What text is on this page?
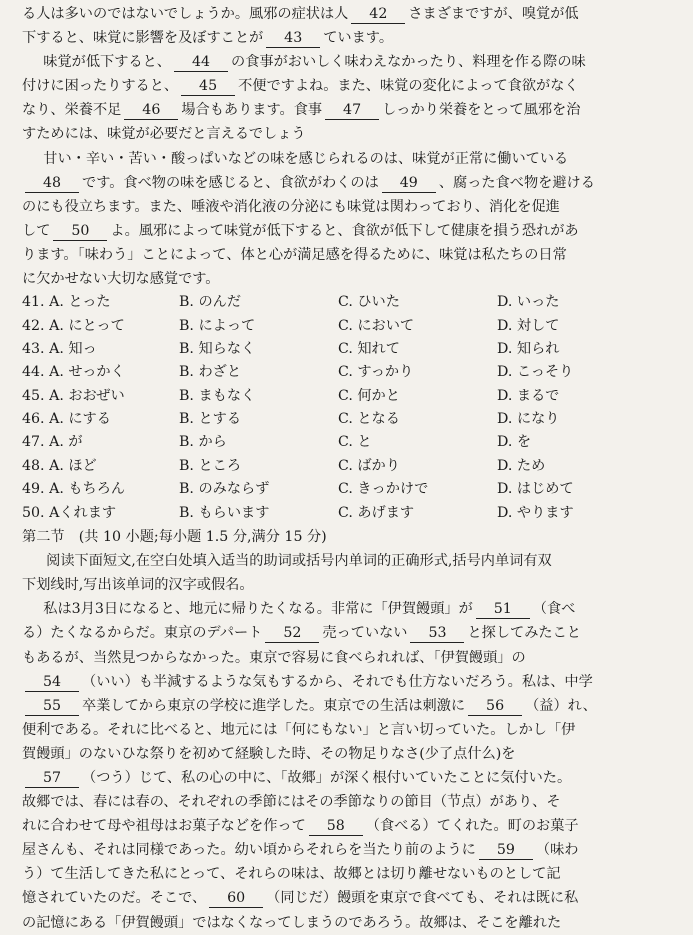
る人は多いのではないでしょうか。風邪の症状は人 42 さまざまですが、嗅覚が低
下すると、味覚に影響を及ぼすことが 43 ています。
味覚が低下すると、 44 の食事がおいしく味わえなかったり、料理を作る際の味
付けに困ったりすると、 45 不便ですよね。また、味覚の変化によって食欲がなく
なり、栄養不足 46 場合もあります。食事 47 しっかり栄養をとって風邪を治
すためには、味覚が必要だと言えるでしょう
甘い・辛い・苦い・酸っぱいなどの味を感じられるのは、味覚が正常に働いている
48 です。食べ物の味を感じると、食欲がわくのは 49 、腐った食べ物を避ける
のにも役立ちます。また、唾液や消化液の分泌にも味覚は関わっており、消化を促進
して 50 よ。風邪によって味覚が低下すると、食欲が低下して健康を損う恐れがあ
ります。「味わう」ことによって、体と心が満足感を得るために、味覚は私たちの日常
に欠かせない大切な感覚です。
41. A. とった	B. のんだ	C. ひいた	D. いった
42. A. にとって	B. によって	C. において	D. 対して
43. A. 知っ	B. 知らなく	C. 知れて	D. 知られ
44. A. せっかく	B. わざと	C. すっかり	D. こっそり
45. A. おおぜい	B. まもなく	C. 何かと	D. まるで
46. A. にする	B. とする	C. となる	D. になり
47. A. が	B. から	C. と	D. を
48. A. ほど	B. ところ	C. ばかり	D. ため
49. A. もちろん	B. のみならず	C. きっかけで	D. はじめて
50. Aくれます	B. もらいます	C. あげます	D. やります
第二节　(共 10 小题;每小题 1.5 分,满分 15 分)
阅读下面短文,在空白处填入适当的助词或括号内单词的正确形式,括号内单词有双
下划线时,写出该单词的汉字或假名。
私は3月3日になると、地元に帰りたくなる。非常に「伊賀饅頭」が 51 （食べ
る）たくなるからだ。東京のデパート 52 売っていない 53 と探してみたこと
もあるが、当然見つからなかった。東京で容易に食べられれば、「伊賀饅頭」の
54 （いい）も半減するような気もするから、それでも仕方ないだろう。私は、中学
55 卒業してから東京の学校に進学した。東京での生活は刺激に 56 （益）れ、
便利である。それに比べると、地元には「何にもない」と言い切っていた。しかし「伊
賀饅頭」のないひな祭りを初めて経験した時、その物足りなさ(少了点什么)を
57 （つう）じて、私の心の中に、「故郷」が深く根付いていたことに気付いた。
故郷では、春には春の、それぞれの季節にはその季節なりの節目（节点）があり、そ
れに合わせて母や祖母はお菓子などを作って 58 （食べる）てくれた。町のお菓子
屋さんも、それは同様であった。幼い頃からそれらを当たり前のように 59 （味わ
う）て生活してきた私にとって、それらの味は、故郷とは切り離せないものとして記
憶されていたのだ。そこで、 60 （同じだ）饅頭を東京で食べても、それは既に私
の記憶にある「伊賀饅頭」ではなくなってしまうのであろう。故郷は、そこを離れた
